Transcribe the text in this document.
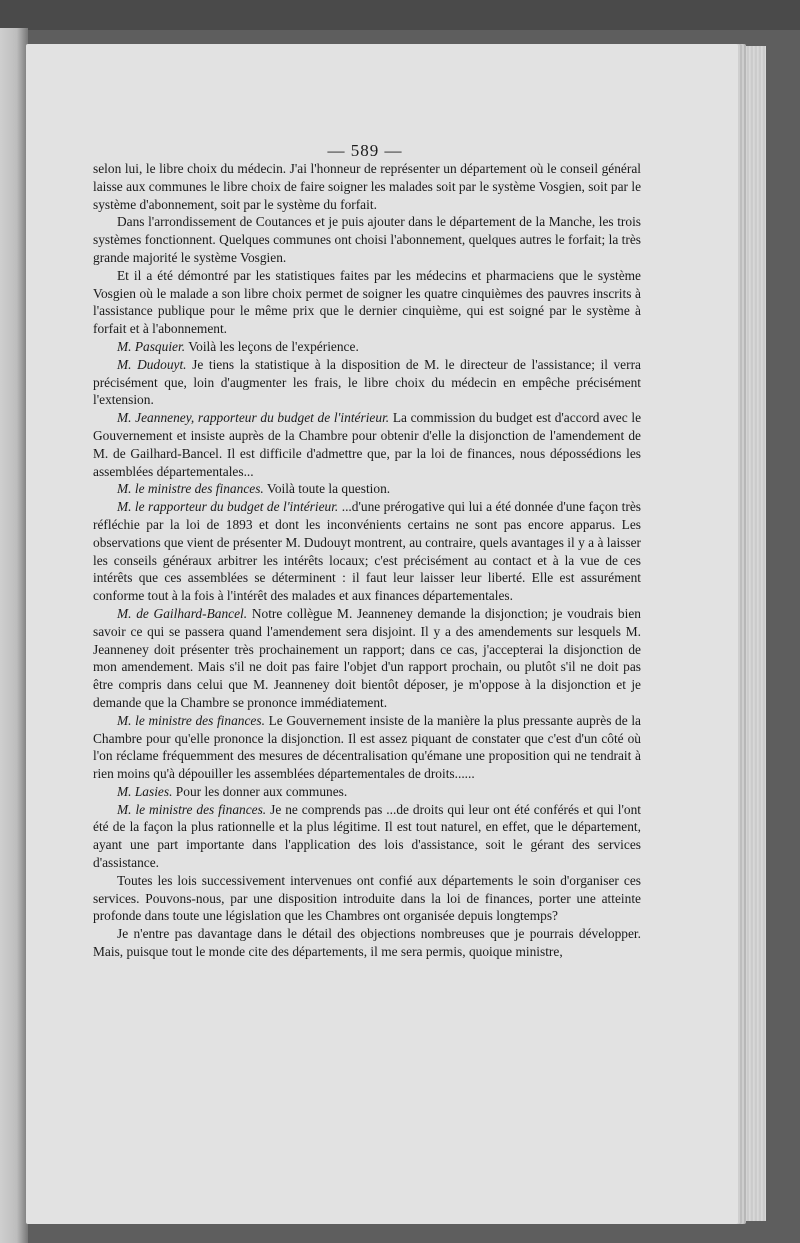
— 589 —

selon lui, le libre choix du médecin. J'ai l'honneur de représenter un département où le conseil général laisse aux communes le libre choix de faire soigner les malades soit par le système Vosgien, soit par le système d'abonnement, soit par le système du forfait.

Dans l'arrondissement de Coutances et je puis ajouter dans le département de la Manche, les trois systèmes fonctionnent. Quelques communes ont choisi l'abonnement, quelques autres le forfait; la très grande majorité le système Vosgien.

Et il a été démontré par les statistiques faites par les médecins et pharmaciens que le système Vosgien où le malade a son libre choix permet de soigner les quatre cinquièmes des pauvres inscrits à l'assistance publique pour le même prix que le dernier cinquième, qui est soigné par le système à forfait et à l'abonnement.

M. Pasquier. Voilà les leçons de l'expérience.

M. Dudouyt. Je tiens la statistique à la disposition de M. le directeur de l'assistance; il verra précisément que, loin d'augmenter les frais, le libre choix du médecin en empêche précisément l'extension.

M. Jeanneney, rapporteur du budget de l'intérieur. La commission du budget est d'accord avec le Gouvernement et insiste auprès de la Chambre pour obtenir d'elle la disjonction de l'amendement de M. de Gailhard-Bancel. Il est difficile d'admettre que, par la loi de finances, nous dépossédions les assemblées départementales...

M. le ministre des finances. Voilà toute la question.

M. le rapporteur du budget de l'intérieur. ...d'une prérogative qui lui a été donnée d'une façon très réfléchie par la loi de 1893 et dont les inconvénients certains ne sont pas encore apparus. Les observations que vient de présenter M. Dudouyt montrent, au contraire, quels avantages il y a à laisser les conseils généraux arbitrer les intérêts locaux; c'est précisément au contact et à la vue de ces intérêts que ces assemblées se déterminent : il faut leur laisser leur liberté. Elle est assurément conforme tout à la fois à l'intérêt des malades et aux finances départementales.

M. de Gailhard-Bancel. Notre collègue M. Jeanneney demande la disjonction; je voudrais bien savoir ce qui se passera quand l'amendement sera disjoint. Il y a des amendements sur lesquels M. Jeanneney doit présenter très prochainement un rapport; dans ce cas, j'accepterai la disjonction de mon amendement. Mais s'il ne doit pas faire l'objet d'un rapport prochain, ou plutôt s'il ne doit pas être compris dans celui que M. Jeanneney doit bientôt déposer, je m'oppose à la disjonction et je demande que la Chambre se prononce immédiatement.

M. le ministre des finances. Le Gouvernement insiste de la manière la plus pressante auprès de la Chambre pour qu'elle prononce la disjonction. Il est assez piquant de constater que c'est d'un côté où l'on réclame fréquemment des mesures de décentralisation qu'émane une proposition qui ne tendrait à rien moins qu'à dépouiller les assemblées départementales de droits......

M. Lasies. Pour les donner aux communes.

M. le ministre des finances. Je ne comprends pas ...de droits qui leur ont été conférés et qui l'ont été de la façon la plus rationnelle et la plus légitime. Il est tout naturel, en effet, que le département, ayant une part importante dans l'application des lois d'assistance, soit le gérant des services d'assistance.

Toutes les lois successivement intervenues ont confié aux départements le soin d'organiser ces services. Pouvons-nous, par une disposition introduite dans la loi de finances, porter une atteinte profonde dans toute une législation que les Chambres ont organisée depuis longtemps?

Je n'entre pas davantage dans le détail des objections nombreuses que je pourrais développer. Mais, puisque tout le monde cite des départements, il me sera permis, quoique ministre,
